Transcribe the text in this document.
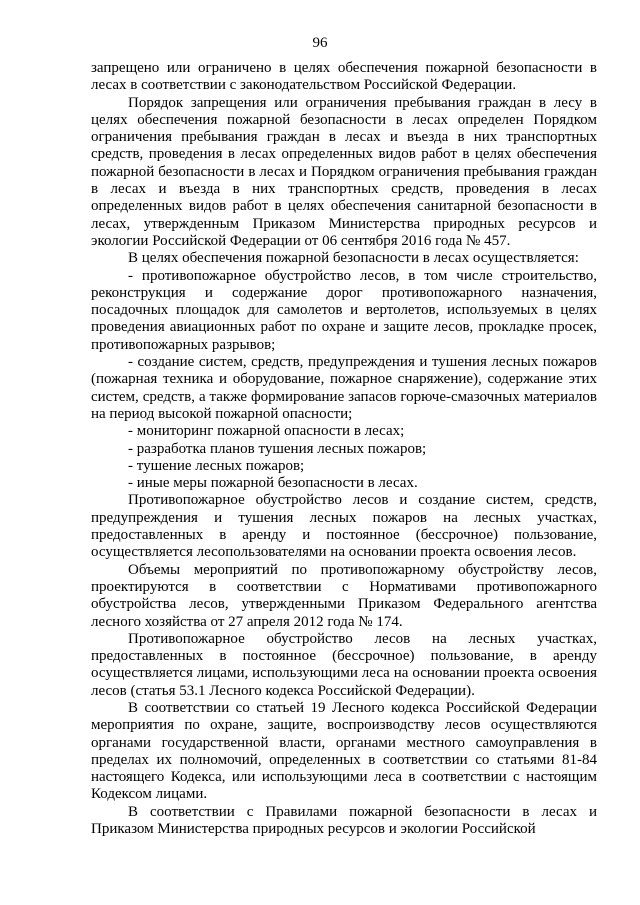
96

запрещено или ограничено в целях обеспечения пожарной безопасности в лесах в соответствии с законодательством Российской Федерации.

Порядок запрещения или ограничения пребывания граждан в лесу в целях обеспечения пожарной безопасности в лесах определен Порядком ограничения пребывания граждан в лесах и въезда в них транспортных средств, проведения в лесах определенных видов работ в целях обеспечения пожарной безопасности в лесах и Порядком ограничения пребывания граждан в лесах и въезда в них транспортных средств, проведения в лесах определенных видов работ в целях обеспечения санитарной безопасности в лесах, утвержденным Приказом Министерства природных ресурсов и экологии Российской Федерации от 06 сентября 2016 года № 457.

В целях обеспечения пожарной безопасности в лесах осуществляется:

- противопожарное обустройство лесов, в том числе строительство, реконструкция и содержание дорог противопожарного назначения, посадочных площадок для самолетов и вертолетов, используемых в целях проведения авиационных работ по охране и защите лесов, прокладке просек, противопожарных разрывов;

- создание систем, средств, предупреждения и тушения лесных пожаров (пожарная техника и оборудование, пожарное снаряжение), содержание этих систем, средств, а также формирование запасов горюче-смазочных материалов на период высокой пожарной опасности;

- мониторинг пожарной опасности в лесах;

- разработка планов тушения лесных пожаров;

- тушение лесных пожаров;

- иные меры пожарной безопасности в лесах.

Противопожарное обустройство лесов и создание систем, средств, предупреждения и тушения лесных пожаров на лесных участках, предоставленных в аренду и постоянное (бессрочное) пользование, осуществляется лесопользователями на основании проекта освоения лесов.

Объемы мероприятий по противопожарному обустройству лесов, проектируются в соответствии с Нормативами противопожарного обустройства лесов, утвержденными Приказом Федерального агентства лесного хозяйства от 27 апреля 2012 года № 174.

Противопожарное обустройство лесов на лесных участках, предоставленных в постоянное (бессрочное) пользование, в аренду осуществляется лицами, использующими леса на основании проекта освоения лесов (статья 53.1 Лесного кодекса Российской Федерации).

В соответствии со статьей 19 Лесного кодекса Российской Федерации мероприятия по охране, защите, воспроизводству лесов осуществляются органами государственной власти, органами местного самоуправления в пределах их полномочий, определенных в соответствии со статьями 81-84 настоящего Кодекса, или использующими леса в соответствии с настоящим Кодексом лицами.

В соответствии с Правилами пожарной безопасности в лесах и Приказом Министерства природных ресурсов и экологии Российской
